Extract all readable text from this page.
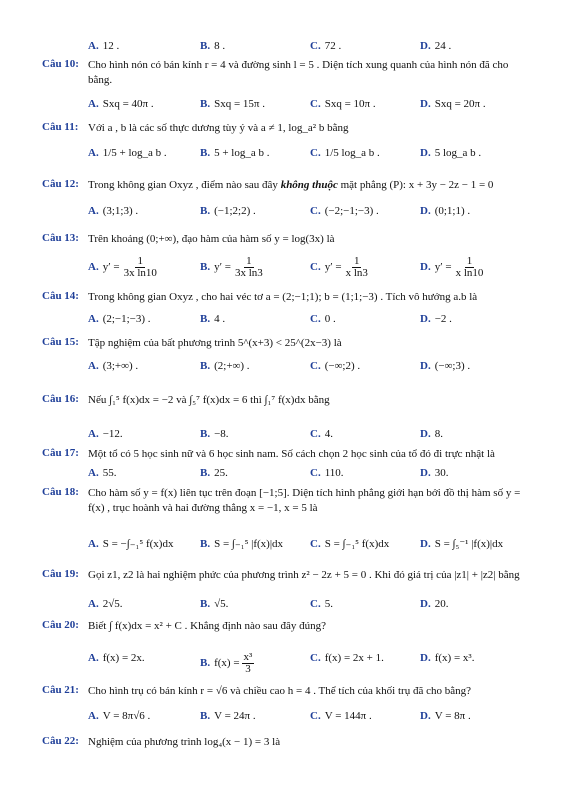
A. 12 .	B. 8 .	C. 72 .	D. 24 .
Câu 10: Cho hình nón có bán kính r = 4 và đường sinh l = 5 . Diện tích xung quanh của hình nón đã cho bằng.
A. Sxq = 40π .	B. Sxq = 15π .	C. Sxq = 10π .	D. Sxq = 20π .
Câu 11: Với a , b là các số thực dương tùy ý và a ≠ 1, log_a² b bằng
A. 1/5 + log_a b .	B. 5 + log_a b .	C. 1/5 log_a b .	D. 5 log_a b .
Câu 12: Trong không gian Oxyz , điểm nào sau đây không thuộc mặt phẳng (P): x + 3y − 2z − 1 = 0
A. (3;1;3) .	B. (−1;2;2) .	C. (−2;−1;−3) .	D. (0;1;1) .
Câu 13: Trên khoảng (0;+∞), đạo hàm của hàm số y = log(3x) là
A. $y' = \frac{1}{\text{3x ln10}}$	B. $y' = \frac{1}{\text{3x ln3}}$	C. $y' = \frac{1}{\text{x ln3}}$	D. $y' = \frac{1}{\text{x ln10}}$
Câu 14: Trong không gian Oxyz , cho hai véc tơ a = (2;−1;1); b = (1;1;−3) . Tích vô hướng a.b là
A. (2;−1;−3) .	B. 4 .	C. 0 .	D. −2 .
Câu 15: Tập nghiệm của bất phương trình 5^(x+3) < 25^(2x−3) là
A. (3;+∞) .	B. (2;+∞) .	C. (−∞;2) .	D. (−∞;3) .
Câu 16: Nếu ∫₁⁵ f(x)dx = −2 và ∫₅⁷ f(x)dx = 6 thì ∫₁⁷ f(x)dx bằng
A. −12.	B. −8.	C. 4.	D. 8.
Câu 17: Một tổ có 5 học sinh nữ và 6 học sinh nam. Số cách chọn 2 học sinh của tổ đó đi trực nhật là
A. 55.	B. 25.	C. 110.	D. 30.
Câu 18: Cho hàm số y = f(x) liên tục trên đoạn [−1;5]. Diện tích hình phẳng giới hạn bởi đồ thị hàm số y = f(x) , trục hoành và hai đường thẳng x = −1, x = 5 là
A. S = −∫₋₁⁵ f(x)dx B. S = ∫₋₁⁵ |f(x)|dx C. S = ∫₋₁⁵ f(x)dx	D. S = ∫₅⁻¹ |f(x)|dx
Câu 19: Gọi z1, z2 là hai nghiệm phức của phương trình z² − 2z + 5 = 0 . Khi đó giá trị của |z1| + |z2| bằng
A. 2√5.	B. √5.	C. 5.	D. 20.
Câu 20: Biết ∫ f(x)dx = x² + C . Khẳng định nào sau đây đúng?
A. f(x) = 2x.	B. $f(x) = \frac{\text{x³}}{3}$	C. f(x) = 2x + 1.	D. f(x) = x³.
Câu 21: Cho hình trụ có bán kính r = √6 và chiều cao h = 4 . Thể tích của khối trụ đã cho bằng?
A. V = 8π√6 .	B. V = 24π .	C. V = 144π .	D. V = 8π .
Câu 22: Nghiệm của phương trình log₄(x − 1) = 3 là
